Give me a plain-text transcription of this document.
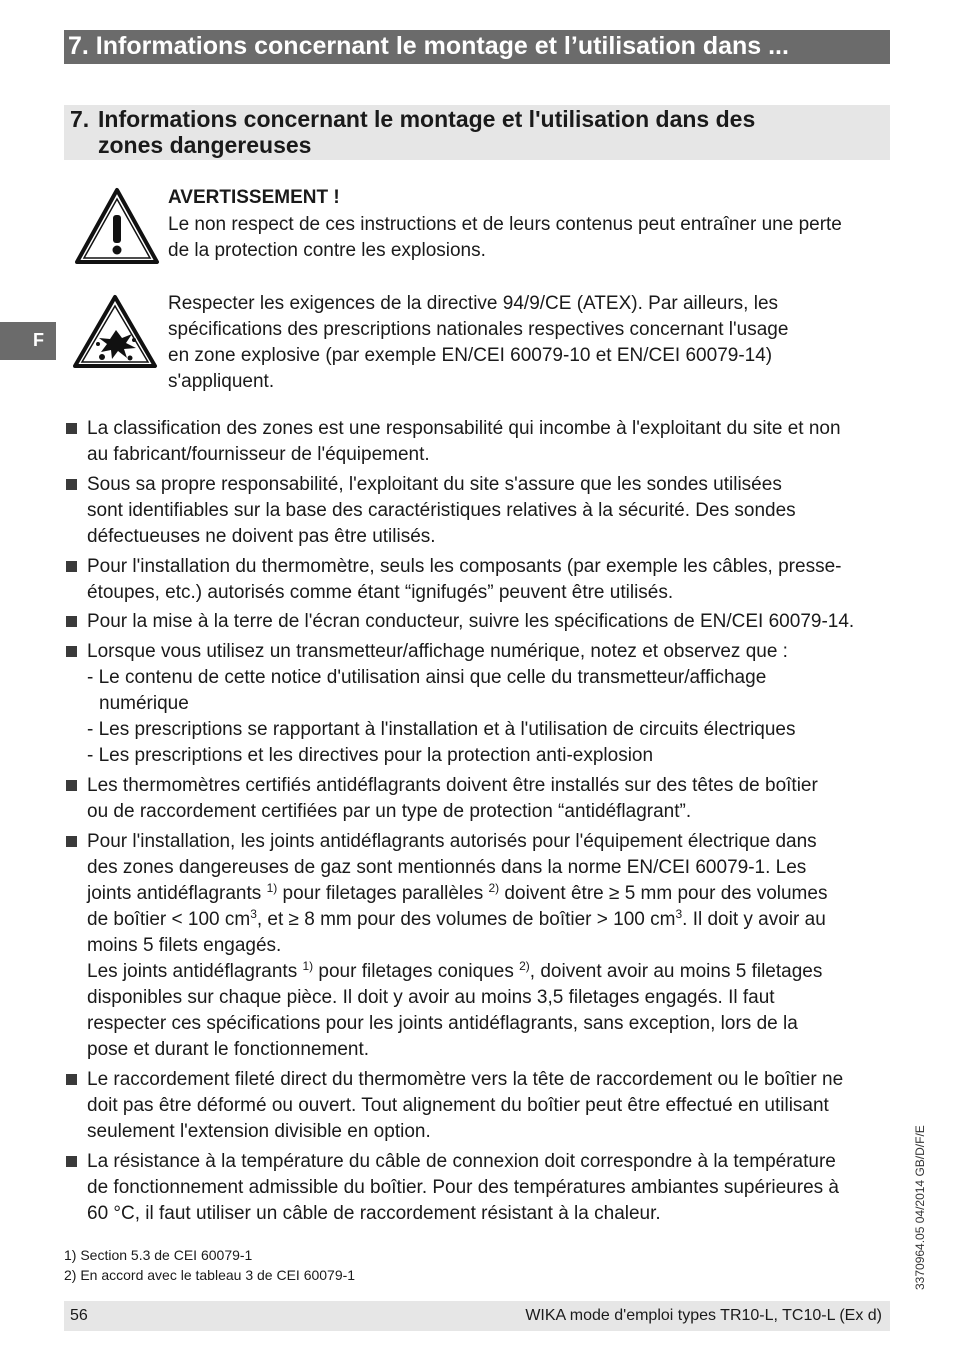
7. Informations concernant le montage et l’utilisation dans ...
7. Informations concernant le montage et l'utilisation dans des
zones dangereuses
F
AVERTISSEMENT !
Le non respect de ces instructions et de leurs contenus peut entraîner une perte
de la protection contre les explosions.
Respecter les exigences de la directive 94/9/CE (ATEX). Par ailleurs, les
spécifications des prescriptions nationales respectives concernant l'usage
en zone explosive (par exemple EN/CEI 60079-10 et EN/CEI 60079-14)
s'appliquent.
La classification des zones est une responsabilité qui incombe à l'exploitant du site et non
au fabricant/fournisseur de l'équipement.
Sous sa propre responsabilité, l'exploitant du site s'assure que les sondes utilisées
sont identifiables sur la base des caractéristiques relatives à la sécurité. Des sondes
défectueuses ne doivent pas être utilisés.
Pour l'installation du thermomètre, seuls les composants (par exemple les câbles, presse-
étoupes, etc.) autorisés comme étant “ignifugés” peuvent être utilisés.
Pour la mise à la terre de l'écran conducteur, suivre les spécifications de EN/CEI 60079-14.
Lorsque vous utilisez un transmetteur/affichage numérique, notez et observez que :
- Le contenu de cette notice d'utilisation ainsi que celle du transmetteur/affichage
numérique
- Les prescriptions se rapportant à l'installation et à l'utilisation de circuits électriques
- Les prescriptions et les directives pour la protection anti-explosion
Les thermomètres certifiés antidéflagrants doivent être installés sur des têtes de boîtier
ou de raccordement certifiées par un type de protection “antidéflagrant”.
Pour l'installation, les joints antidéflagrants autorisés pour l'équipement électrique dans
des zones dangereuses de gaz sont mentionnés dans la norme EN/CEI 60079-1. Les
joints antidéflagrants $^{1)}$ pour filetages parallèles $^{2)}$ doivent être ≥ 5 mm pour des volumes
de boîtier < 100 $cm^3$, et ≥ 8 mm pour des volumes de boîtier > 100 $cm^3$. Il doit y avoir au
moins 5 filets engagés.
Les joints antidéflagrants $^{1)}$ pour filetages coniques $^{2)}$, doivent avoir au moins 5 filetages
disponibles sur chaque pièce. Il doit y avoir au moins 3,5 filetages engagés. Il faut
respecter ces spécifications pour les joints antidéflagrants, sans exception, lors de la
pose et durant le fonctionnement.
Le raccordement fileté direct du thermomètre vers la tête de raccordement ou le boîtier ne
doit pas être déformé ou ouvert. Tout alignement du boîtier peut être effectué en utilisant
seulement l'extension divisible en option.
La résistance à la température du câble de connexion doit correspondre à la température
de fonctionnement admissible du boîtier. Pour des températures ambiantes supérieures à
60 °C, il faut utiliser un câble de raccordement résistant à la chaleur.
1) Section 5.3 de CEI 60079-1
2) En accord avec le tableau 3 de CEI 60079-1	3370964.05 04/2014 GB/D/F/E
56	WIKA mode d'emploi types TR10-L, TC10-L (Ex d)
